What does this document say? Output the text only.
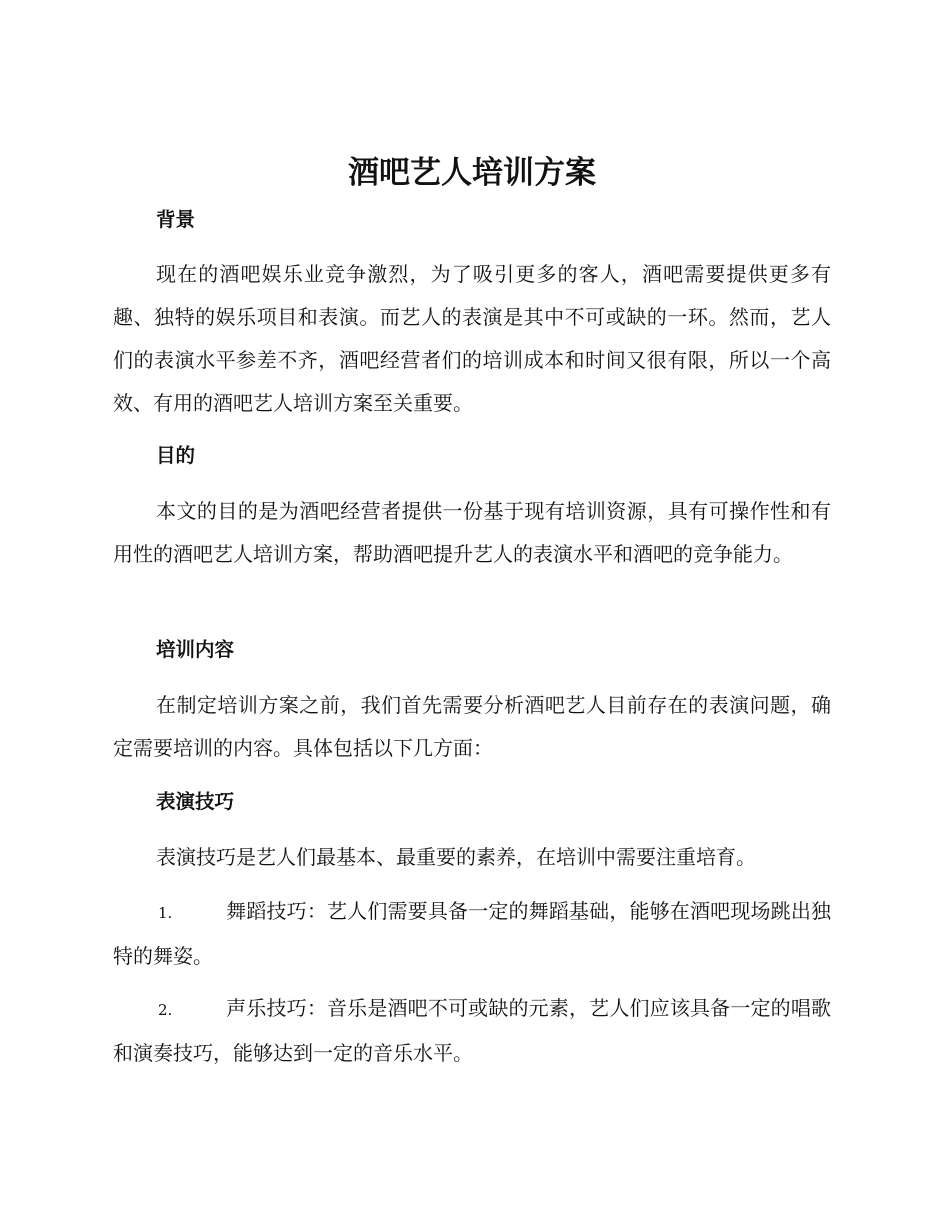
酒吧艺人培训方案
背景

现在的酒吧娱乐业竞争激烈，为了吸引更多的客人，酒吧需要提供更多有趣、独特的娱乐项目和表演。而艺人的表演是其中不可或缺的一环。然而，艺人们的表演水平参差不齐，酒吧经营者们的培训成本和时间又很有限，所以一个高效、有用的酒吧艺人培训方案至关重要。

目的

本文的目的是为酒吧经营者提供一份基于现有培训资源，具有可操作性和有用性的酒吧艺人培训方案，帮助酒吧提升艺人的表演水平和酒吧的竞争能力。

培训内容

在制定培训方案之前，我们首先需要分析酒吧艺人目前存在的表演问题，确定需要培训的内容。具体包括以下几方面：

表演技巧

表演技巧是艺人们最基本、最重要的素养，在培训中需要注重培育。

1.	舞蹈技巧：艺人们需要具备一定的舞蹈基础，能够在酒吧现场跳出独特的舞姿。

2.	声乐技巧：音乐是酒吧不可或缺的元素，艺人们应该具备一定的唱歌和演奏技巧，能够达到一定的音乐水平。
